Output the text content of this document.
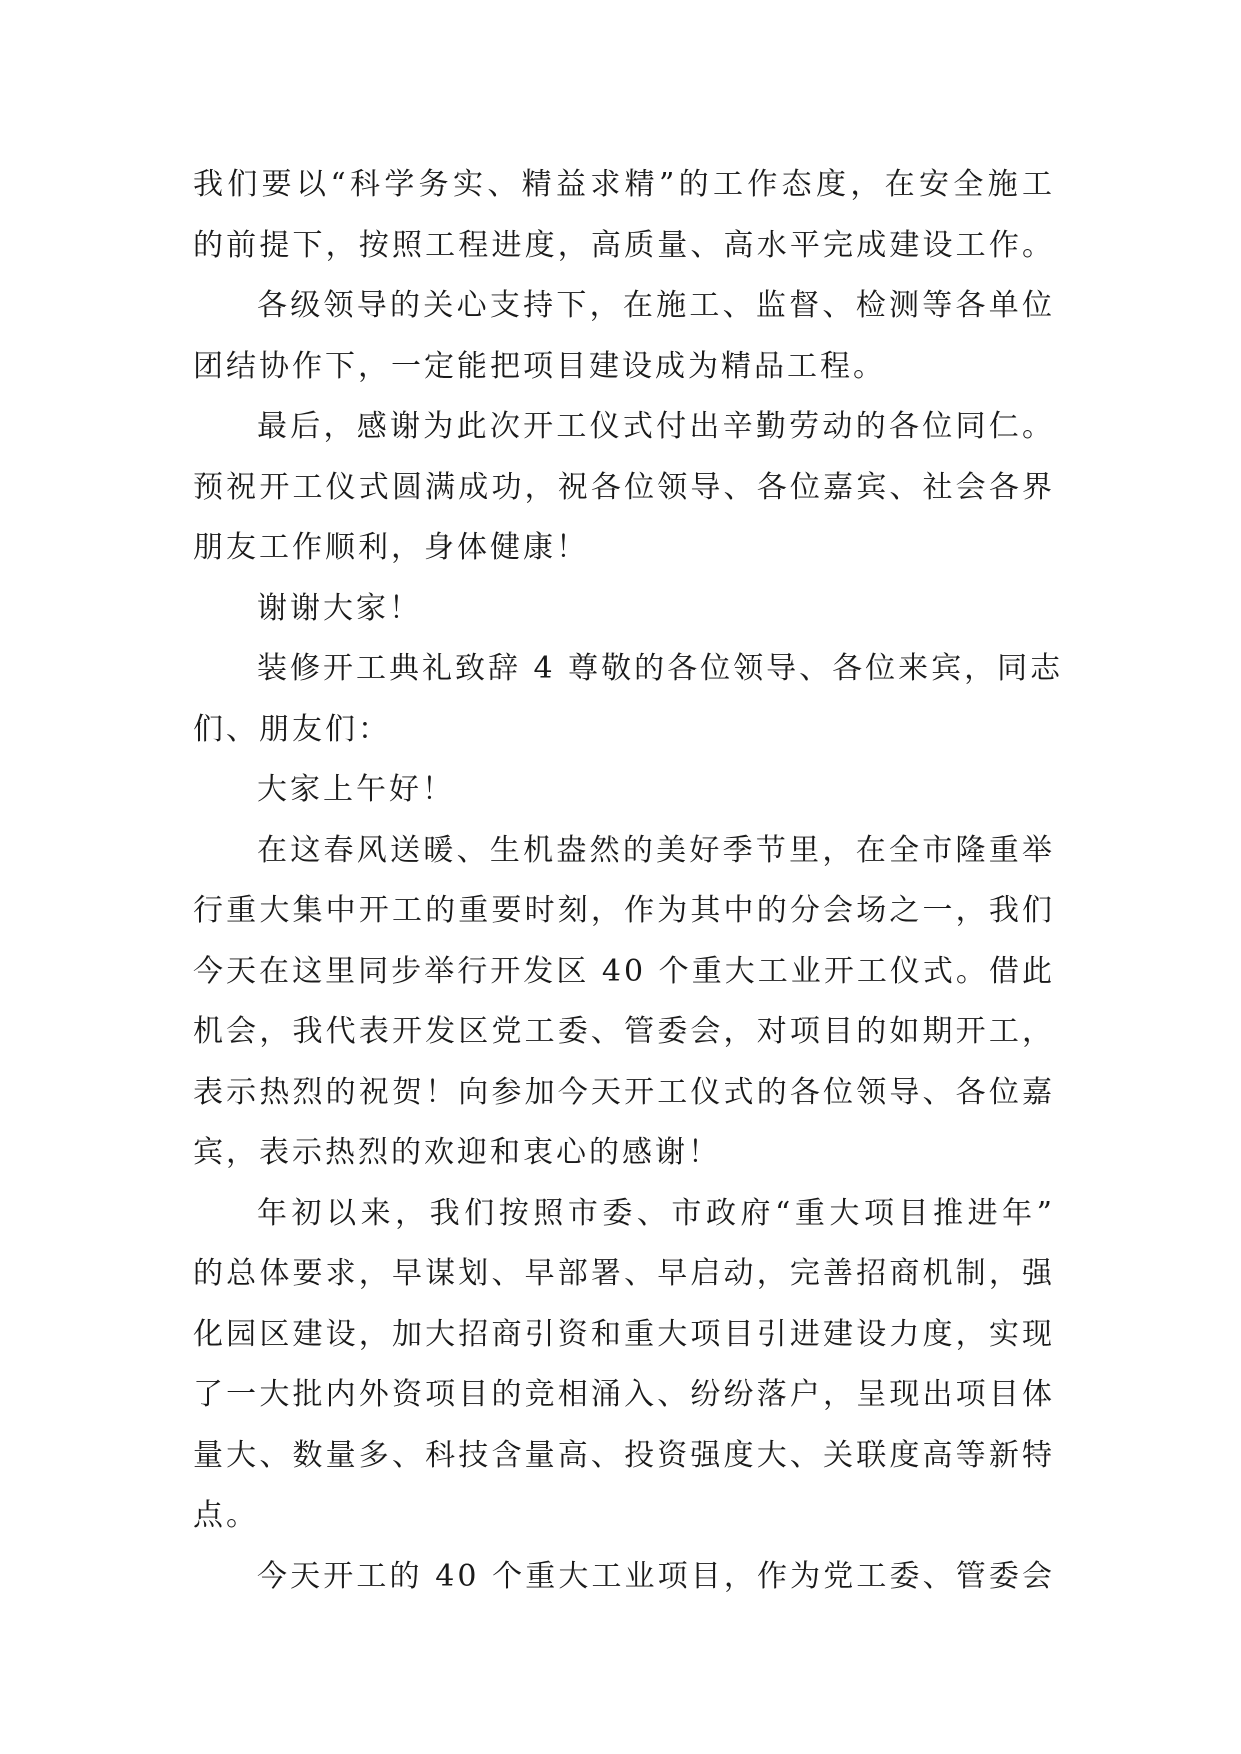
我们要以“科学务实、精益求精”的工作态度，在安全施工
的前提下，按照工程进度，高质量、高水平完成建设工作。
各级领导的关心支持下，在施工、监督、检测等各单位
团结协作下，一定能把项目建设成为精品工程。
最后，感谢为此次开工仪式付出辛勤劳动的各位同仁。
预祝开工仪式圆满成功，祝各位领导、各位嘉宾、社会各界
朋友工作顺利，身体健康！
谢谢大家！
装修开工典礼致辞 4 尊敬的各位领导、各位来宾，同志
们、朋友们：
大家上午好！
在这春风送暖、生机盎然的美好季节里，在全市隆重举
行重大集中开工的重要时刻，作为其中的分会场之一，我们
今天在这里同步举行开发区 40 个重大工业开工仪式。借此
机会，我代表开发区党工委、管委会，对项目的如期开工，
表示热烈的祝贺！向参加今天开工仪式的各位领导、各位嘉
宾，表示热烈的欢迎和衷心的感谢！
年初以来，我们按照市委、市政府“重大项目推进年”
的总体要求，早谋划、早部署、早启动，完善招商机制，强
化园区建设，加大招商引资和重大项目引进建设力度，实现
了一大批内外资项目的竞相涌入、纷纷落户，呈现出项目体
量大、数量多、科技含量高、投资强度大、关联度高等新特
点。
今天开工的 40 个重大工业项目，作为党工委、管委会
